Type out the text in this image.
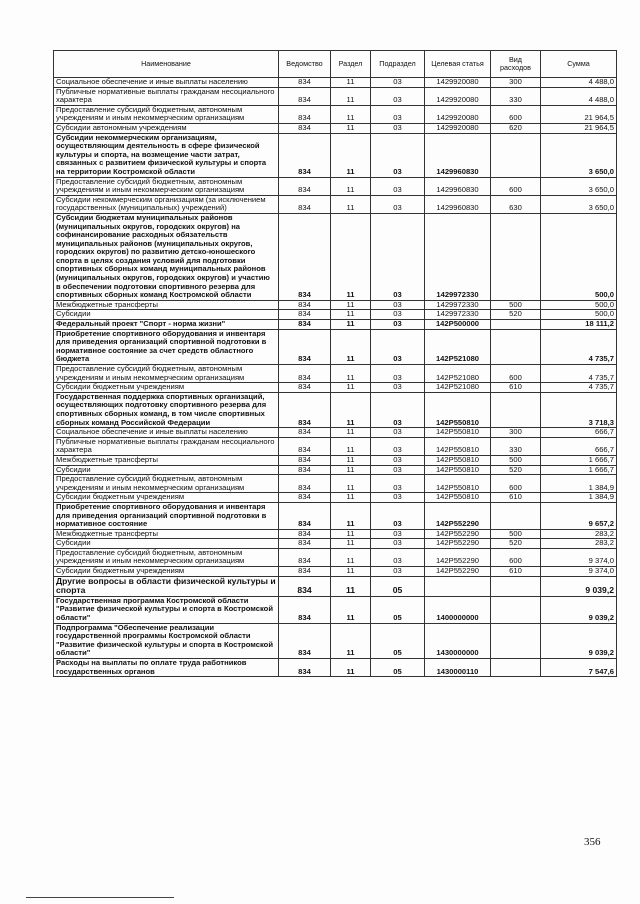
Наименование	Ведомство	Раздел	Подраздел	Целевая статья	Вид расходов	Сумма
Социальное обеспечение и иные выплаты населению	834	11	03	1429920080	300	4 488,0
Публичные нормативные выплаты гражданам несоциального характера	834	11	03	1429920080	330	4 488,0
Предоставление субсидий бюджетным, автономным учреждениям и иным некоммерческим организациям	834	11	03	1429920080	600	21 964,5
Субсидии автономным учреждениям	834	11	03	1429920080	620	21 964,5
Субсидии некоммерческим организациям, осуществляющим деятельность в сфере физической культуры и спорта, на возмещение части затрат, связанных с развитием физической культуры и спорта на территории Костромской области	834	11	03	1429960830		3 650,0
Предоставление субсидий бюджетным, автономным учреждениям и иным некоммерческим организациям	834	11	03	1429960830	600	3 650,0
Субсидии некоммерческим организациям (за исключением государственных (муниципальных) учреждений)	834	11	03	1429960830	630	3 650,0
Субсидии бюджетам муниципальных районов (муниципальных округов, городских округов) на софинансирование расходных обязательств муниципальных районов (муниципальных округов, городских округов) по развитию детско-юношеского спорта в целях создания условий для подготовки спортивных сборных команд муниципальных районов (муниципальных округов, городских округов) и участию в обеспечении подготовки спортивного резерва для спортивных сборных команд Костромской области	834	11	03	1429972330		500,0
Межбюджетные трансферты	834	11	03	1429972330	500	500,0
Субсидии	834	11	03	1429972330	520	500,0
Федеральный проект "Спорт - норма жизни"	834	11	03	142P500000		18 111,2
Приобретение спортивного оборудования и инвентаря для приведения организаций спортивной подготовки в нормативное состояние за счет средств областного бюджета	834	11	03	142P521080		4 735,7
Предоставление субсидий бюджетным, автономным учреждениям и иным некоммерческим организациям	834	11	03	142P521080	600	4 735,7
Субсидии бюджетным учреждениям	834	11	03	142P521080	610	4 735,7
Государственная поддержка спортивных организаций, осуществляющих подготовку спортивного резерва для спортивных сборных команд, в том числе спортивных сборных команд Российской Федерации	834	11	03	142P550810		3 718,3
Социальное обеспечение и иные выплаты населению	834	11	03	142P550810	300	666,7
Публичные нормативные выплаты гражданам несоциального характера	834	11	03	142P550810	330	666,7
Межбюджетные трансферты	834	11	03	142P550810	500	1 666,7
Субсидии	834	11	03	142P550810	520	1 666,7
Предоставление субсидий бюджетным, автономным учреждениям и иным некоммерческим организациям	834	11	03	142P550810	600	1 384,9
Субсидии бюджетным учреждениям	834	11	03	142P550810	610	1 384,9
Приобретение спортивного оборудования и инвентаря для приведения организаций спортивной подготовки в нормативное состояние	834	11	03	142P552290		9 657,2
Межбюджетные трансферты	834	11	03	142P552290	500	283,2
Субсидии	834	11	03	142P552290	520	283,2
Предоставление субсидий бюджетным, автономным учреждениям и иным некоммерческим организациям	834	11	03	142P552290	600	9 374,0
Субсидии бюджетным учреждениям	834	11	03	142P552290	610	9 374,0
Другие вопросы в области физической культуры и спорта	834	11	05			9 039,2
Государственная программа Костромской области "Развитие физической культуры и спорта в Костромской области"	834	11	05	1400000000		9 039,2
Подпрограмма "Обеспечение реализации государственной программы Костромской области "Развитие физической культуры и спорта в Костромской области"	834	11	05	1430000000		9 039,2
Расходы на выплаты по оплате труда работников государственных органов	834	11	05	1430000110		7 547,6
356
